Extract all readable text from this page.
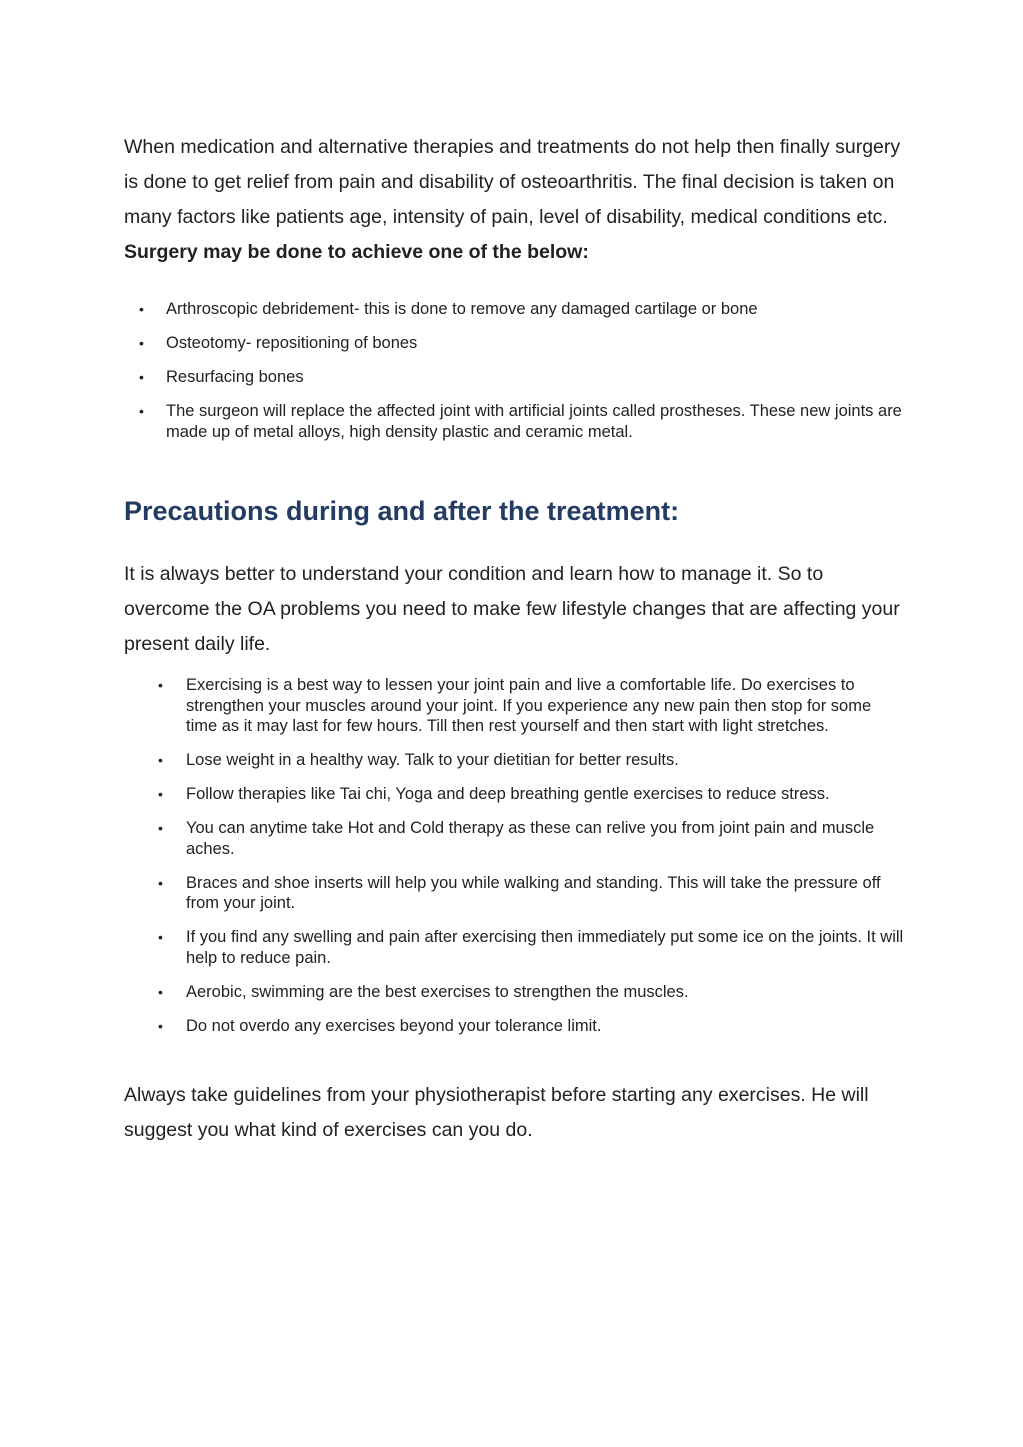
When medication and alternative therapies and treatments do not help then finally surgery is done to get relief from pain and disability of osteoarthritis. The final decision is taken on many factors like patients age, intensity of pain, level of disability, medical conditions etc. Surgery may be done to achieve one of the below:

• Arthroscopic debridement- this is done to remove any damaged cartilage or bone
• Osteotomy- repositioning of bones
• Resurfacing bones
• The surgeon will replace the affected joint with artificial joints called prostheses. These new joints are made up of metal alloys, high density plastic and ceramic metal.
Precautions during and after the treatment:

It is always better to understand your condition and learn how to manage it. So to overcome the OA problems you need to make few lifestyle changes that are affecting your present daily life.

• Exercising is a best way to lessen your joint pain and live a comfortable life. Do exercises to strengthen your muscles around your joint. If you experience any new pain then stop for some time as it may last for few hours. Till then rest yourself and then start with light stretches.
• Lose weight in a healthy way. Talk to your dietitian for better results.
• Follow therapies like Tai chi, Yoga and deep breathing gentle exercises to reduce stress.
• You can anytime take Hot and Cold therapy as these can relive you from joint pain and muscle aches.
• Braces and shoe inserts will help you while walking and standing. This will take the pressure off from your joint.
• If you find any swelling and pain after exercising then immediately put some ice on the joints. It will help to reduce pain.
• Aerobic, swimming are the best exercises to strengthen the muscles.
• Do not overdo any exercises beyond your tolerance limit.

Always take guidelines from your physiotherapist before starting any exercises. He will suggest you what kind of exercises can you do.
